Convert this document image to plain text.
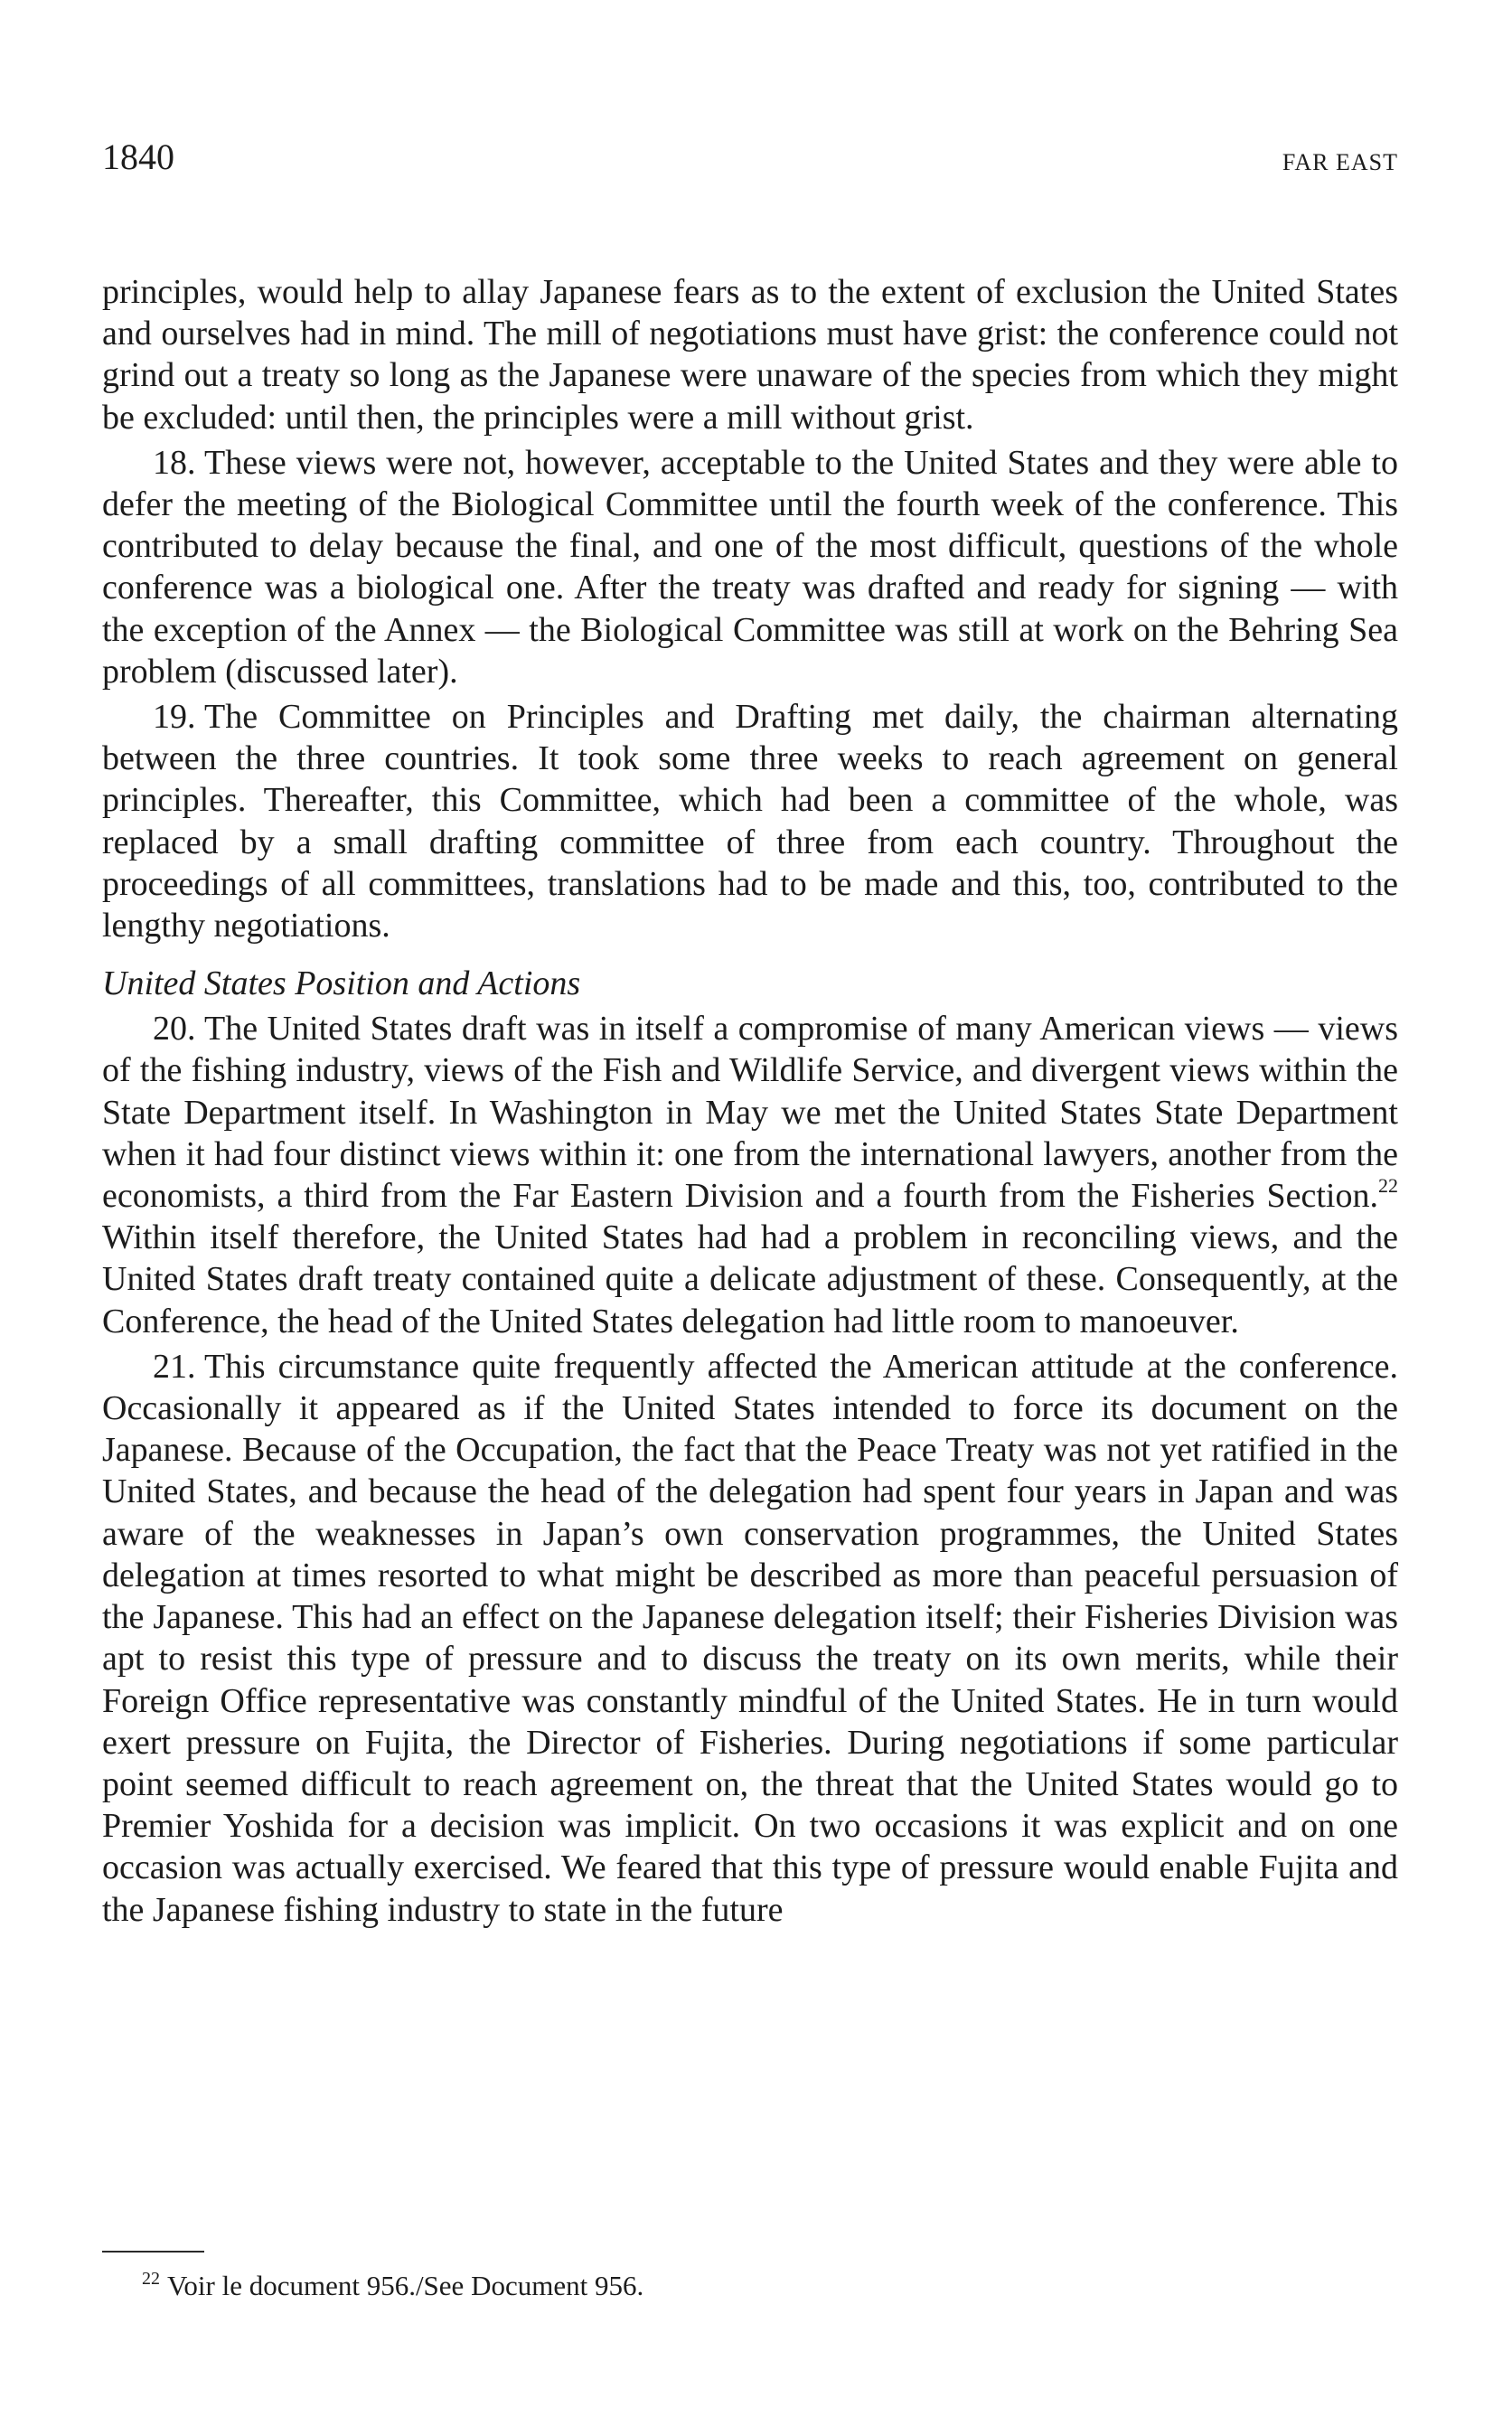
1840	FAR EAST

principles, would help to allay Japanese fears as to the extent of exclusion the United States and ourselves had in mind. The mill of negotiations must have grist: the conference could not grind out a treaty so long as the Japanese were unaware of the species from which they might be excluded: until then, the principles were a mill without grist.

18. These views were not, however, acceptable to the United States and they were able to defer the meeting of the Biological Committee until the fourth week of the conference. This contributed to delay because the final, and one of the most difficult, questions of the whole conference was a biological one. After the treaty was drafted and ready for signing — with the exception of the Annex — the Biological Committee was still at work on the Behring Sea problem (discussed later).

19. The Committee on Principles and Drafting met daily, the chairman alternating between the three countries. It took some three weeks to reach agreement on general principles. Thereafter, this Committee, which had been a committee of the whole, was replaced by a small drafting committee of three from each country. Throughout the proceedings of all committees, translations had to be made and this, too, contributed to the lengthy negotiations.

United States Position and Actions

20. The United States draft was in itself a compromise of many American views — views of the fishing industry, views of the Fish and Wildlife Service, and divergent views within the State Department itself. In Washington in May we met the United States State Department when it had four distinct views within it: one from the international lawyers, another from the economists, a third from the Far Eastern Division and a fourth from the Fisheries Section.$^{22}$ Within itself therefore, the United States had had a problem in reconciling views, and the United States draft treaty contained quite a delicate adjustment of these. Consequently, at the Conference, the head of the United States delegation had little room to manoeuver.

21. This circumstance quite frequently affected the American attitude at the conference. Occasionally it appeared as if the United States intended to force its document on the Japanese. Because of the Occupation, the fact that the Peace Treaty was not yet ratified in the United States, and because the head of the delegation had spent four years in Japan and was aware of the weaknesses in Japan’s own conservation programmes, the United States delegation at times resorted to what might be described as more than peaceful persuasion of the Japanese. This had an effect on the Japanese delegation itself; their Fisheries Division was apt to resist this type of pressure and to discuss the treaty on its own merits, while their Foreign Office representative was constantly mindful of the United States. He in turn would exert pressure on Fujita, the Director of Fisheries. During negotiations if some particular point seemed difficult to reach agreement on, the threat that the United States would go to Premier Yoshida for a decision was implicit. On two occasions it was explicit and on one occasion was actually exercised. We feared that this type of pressure would enable Fujita and the Japanese fishing industry to state in the future

$^{22}$ Voir le document 956./See Document 956.
